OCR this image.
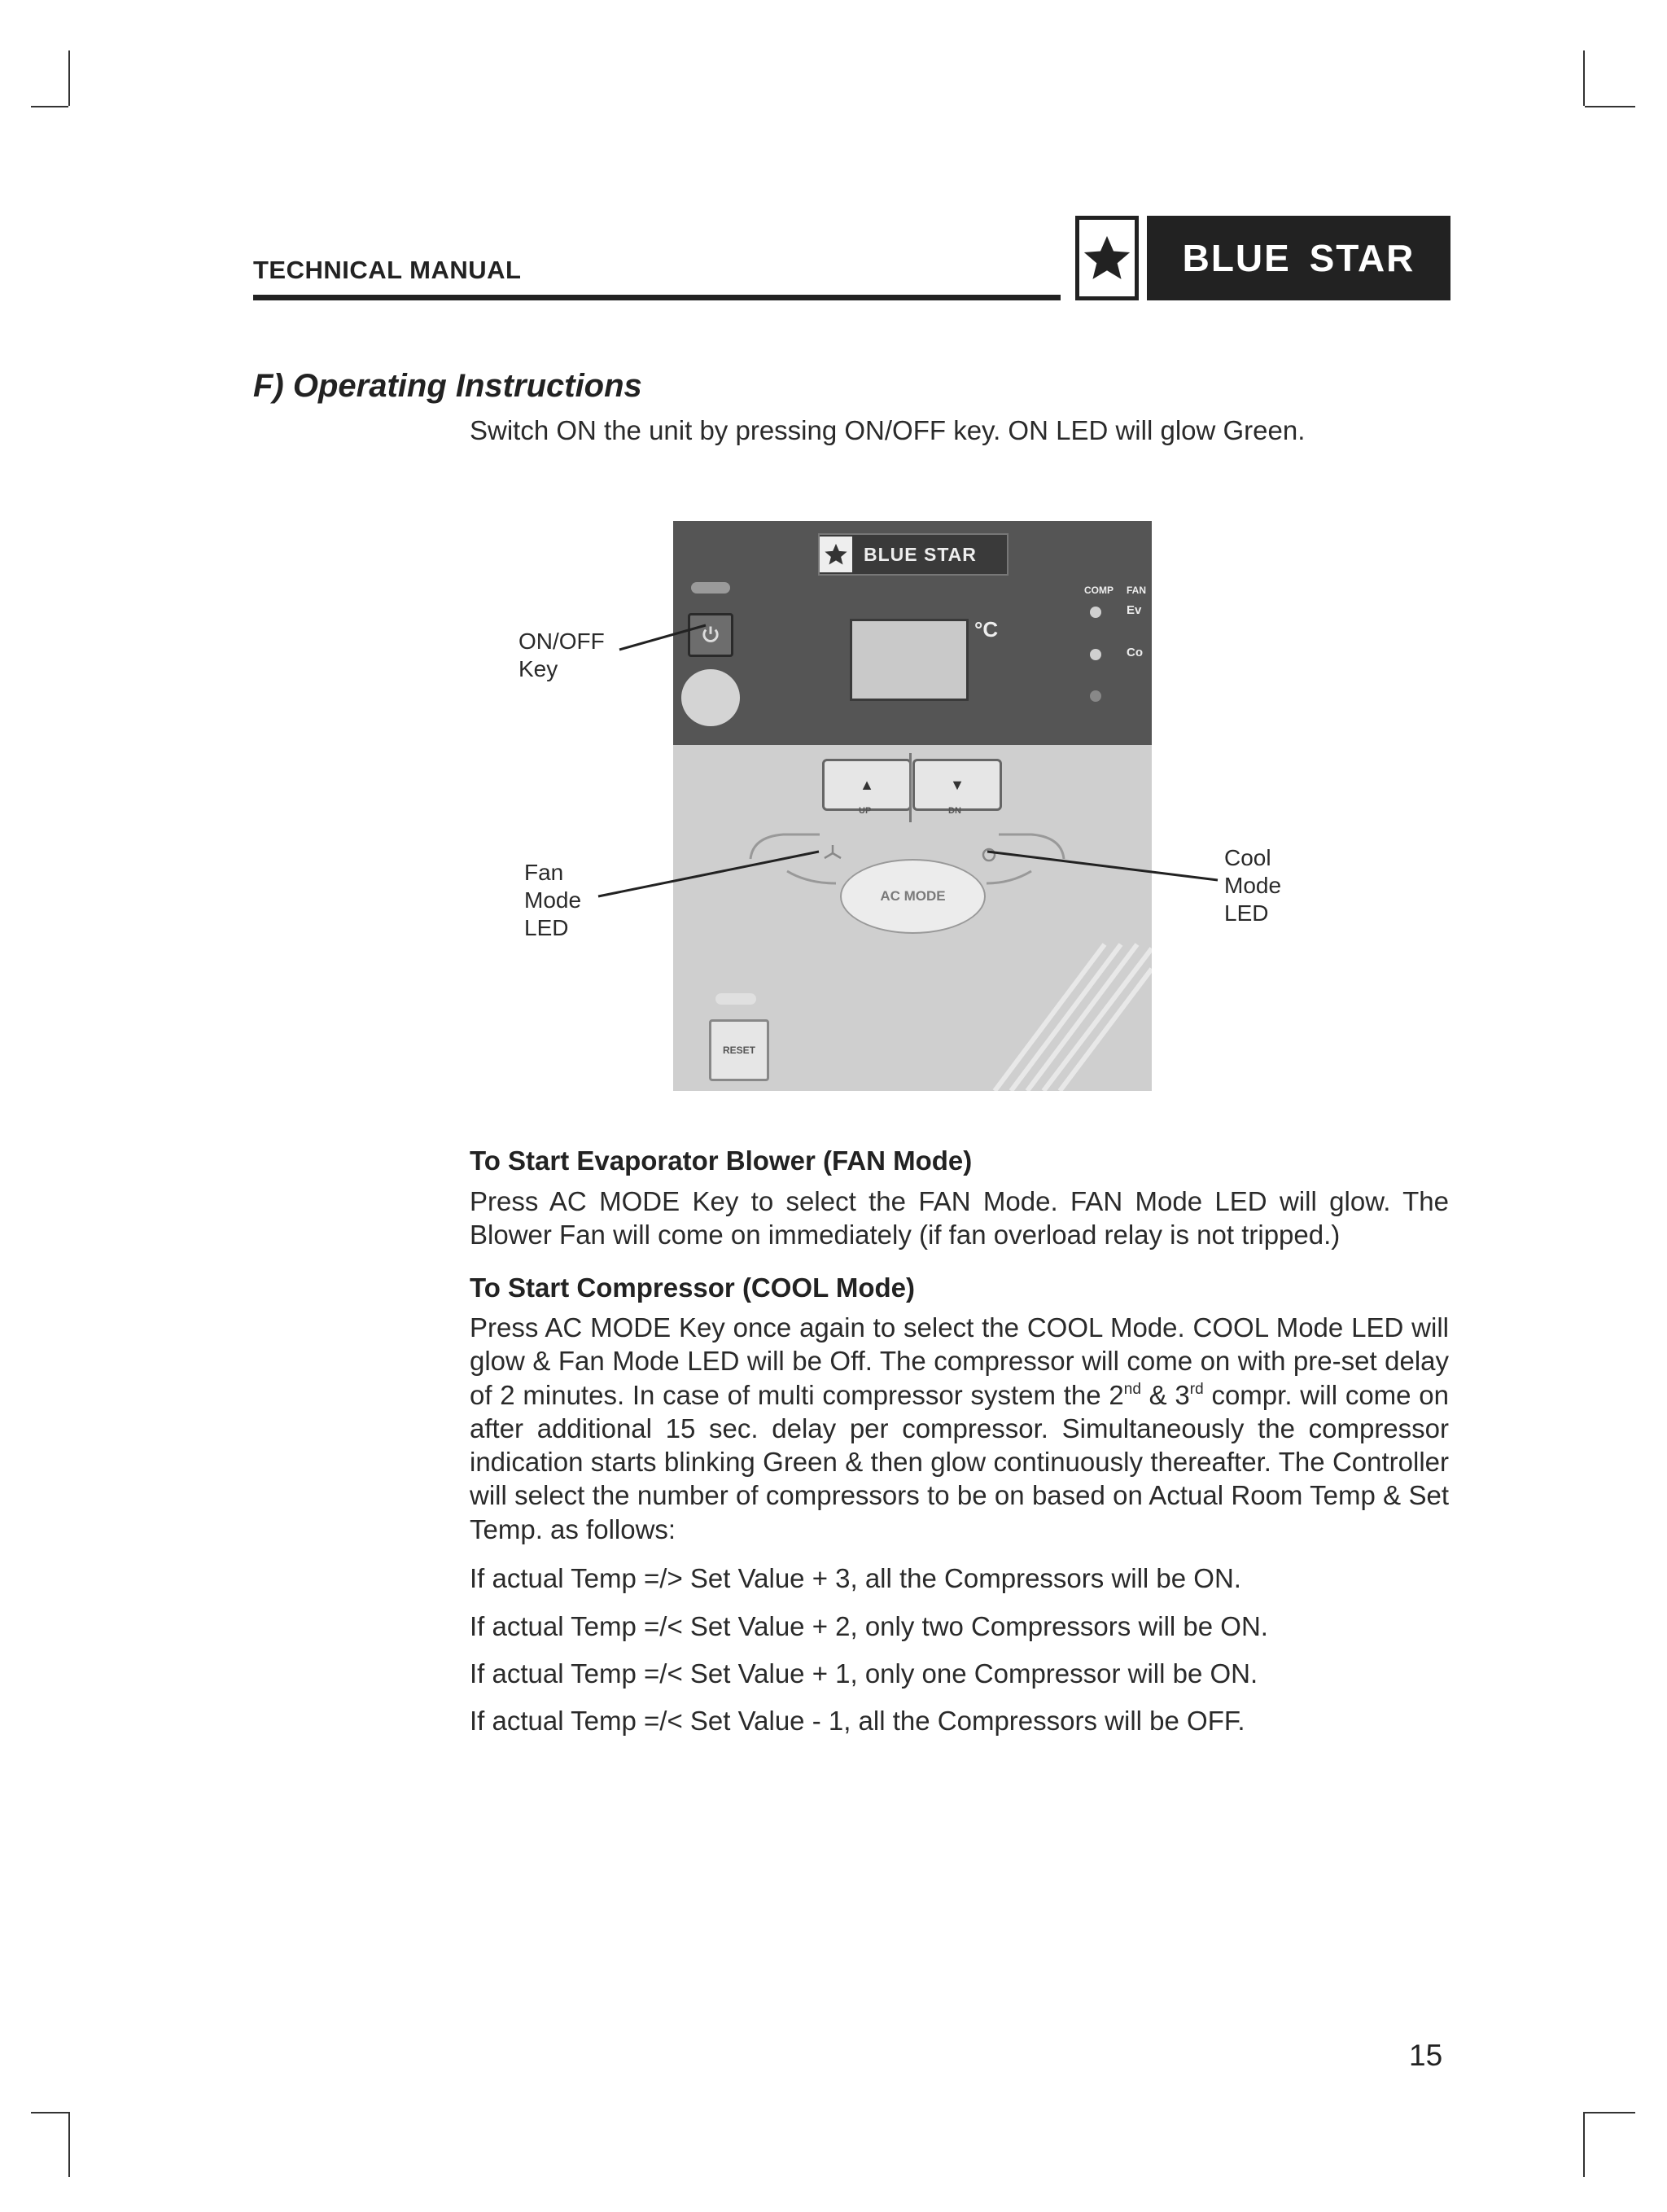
TECHNICAL MANUAL	BLUE STAR
F) Operating Instructions
Switch ON the unit by pressing ON/OFF key. ON LED will glow Green.
BLUE STAR
°C
COMP FAN
Ev
Co
▲	▼
UP	DN
AC MODE
RESET
ON/OFF
Key
Fan
Mode
LED
Cool
Mode
LED
To Start Evaporator Blower (FAN Mode)
Press AC MODE Key to select the FAN Mode. FAN Mode LED will glow. The Blower Fan will come on immediately (if fan overload relay is not tripped.)
To Start Compressor (COOL Mode)
Press AC MODE Key once again to select the COOL Mode. COOL Mode LED will glow & Fan Mode LED will be Off. The compressor will come on with pre-set delay of 2 minutes. In case of multi compressor system the 2nd & 3rd compr. will come on after additional 15 sec. delay per compressor. Simultaneously the compressor indication starts blinking Green & then glow continuously thereafter. The Controller will select the number of compressors to be on based on Actual Room Temp & Set Temp. as follows:
If actual Temp =/> Set Value + 3, all the Compressors will be ON.
If actual Temp =/< Set Value + 2, only two Compressors will be ON.
If actual Temp =/< Set Value + 1, only one Compressor will be ON.
If actual Temp =/< Set Value - 1, all the Compressors will be OFF.
15
